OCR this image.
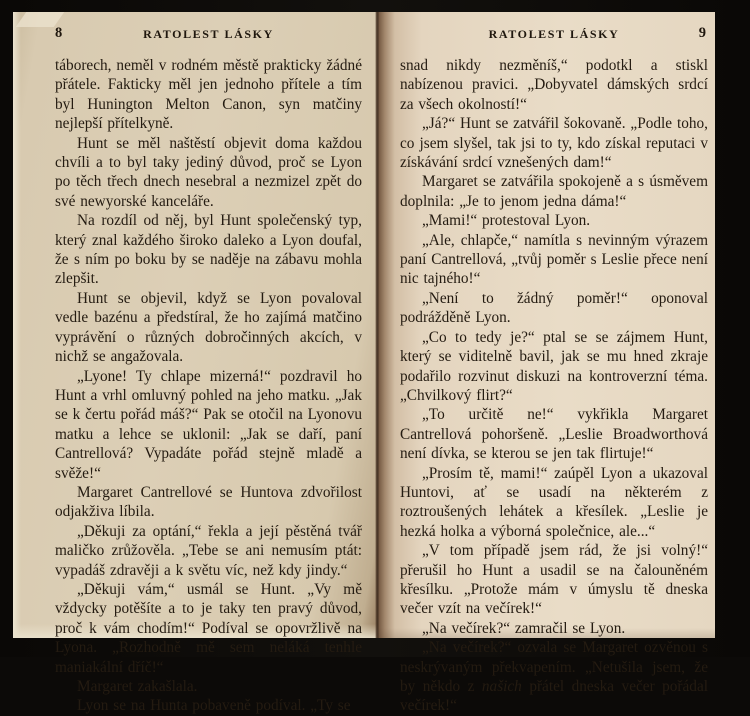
8	RATOLEST LÁSKY

táborech, neměl v rodném městě prakticky žádné přátele. Fakticky měl jen jednoho přítele a tím byl Hunington Melton Canon, syn matčiny nejlepší přítelkyně.

Hunt se měl naštěstí objevit doma každou chvíli a to byl taky jediný důvod, proč se Lyon po těch třech dnech nesebral a nezmizel zpět do své newyorské kanceláře.

Na rozdíl od něj, byl Hunt společenský typ, který znal každého široko daleko a Lyon doufal, že s ním po boku by se naděje na zábavu mohla zlepšit.

Hunt se objevil, když se Lyon povaloval vedle bazénu a předstíral, že ho zajímá matčino vyprávění o různých dobročinných akcích, v nichž se angažovala.

„Lyone! Ty chlape mizerná!“ pozdravil ho Hunt a vrhl omluvný pohled na jeho matku. „Jak se k čertu pořád máš?“ Pak se otočil na Lyonovu matku a lehce se uklonil: „Jak se daří, paní Cantrellová? Vypadáte pořád stejně mladě a svěže!“

Margaret Cantrellové se Huntova zdvořilost odjakživa líbila.

„Děkuji za optání,“ řekla a její pěstěná tvář maličko zrůžověla. „Tebe se ani nemusím ptát: vypadáš zdravěji a k světu víc, než kdy jindy.“

„Děkuji vám,“ usmál se Hunt. „Vy mě vždycky potěšíte a to je taky ten pravý důvod, proč k vám chodím!“ Podíval se opovržlivě na Lyona. „Rozhodně mě sem neláká tenhle maniakální dříč!“

Margaret zakašlala.

Lyon se na Hunta pobaveně podíval. „Ty se

RATOLEST LÁSKY	9

snad nikdy nezměníš,“ podotkl a stiskl nabízenou pravici. „Dobyvatel dámských srdcí za všech okolností!“

„Já?“ Hunt se zatvářil šokovaně. „Podle toho, co jsem slyšel, tak jsi to ty, kdo získal reputaci v získávání srdcí vznešených dam!“

Margaret se zatvářila spokojeně a s úsměvem doplnila: „Je to jenom jedna dáma!“

„Mami!“ protestoval Lyon.

„Ale, chlapče,“ namítla s nevinným výrazem paní Cantrellová, „tvůj poměr s Leslie přece není nic tajného!“

„Není to žádný poměr!“ oponoval podrážděně Lyon.

„Co to tedy je?“ ptal se se zájmem Hunt, který se viditelně bavil, jak se mu hned zkraje podařilo rozvinut diskuzi na kontroverzní téma. „Chvilkový flirt?“

„To určitě ne!“ vykřikla Margaret Cantrellová pohoršeně. „Leslie Broadworthová není dívka, se kterou se jen tak flirtuje!“

„Prosím tě, mami!“ zaúpěl Lyon a ukazoval Huntovi, ať se usadí na některém z roztroušených lehátek a křesílek. „Leslie je hezká holka a výborná společnice, ale...“

„V tom případě jsem rád, že jsi volný!“ přerušil ho Hunt a usadil se na čalouněném křesílku. „Protože mám v úmyslu tě dneska večer vzít na večírek!“

„Na večírek?“ zamračil se Lyon.

„Na večírek?“ ozvala se Margaret ozvěnou s neskrývaným překvapením. „Netušila jsem, že by někdo z našich přátel dneska večer pořádal večírek!“
